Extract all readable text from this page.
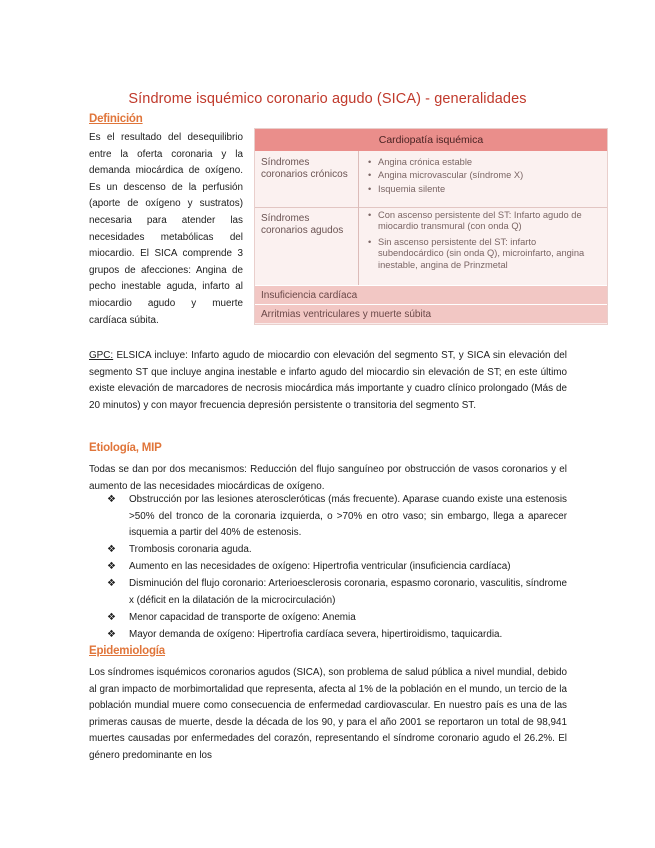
Síndrome isquémico coronario agudo (SICA) - generalidades
Definición
Es el resultado del desequilibrio entre la oferta coronaria y la demanda miocárdica de oxígeno. Es un descenso de la perfusión (aporte de oxígeno y sustratos) necesaria para atender las necesidades metabólicas del miocardio. El SICA comprende 3 grupos de afecciones: Angina de pecho inestable aguda, infarto al miocardio agudo y muerte cardíaca súbita.
Cardiopatía isquémica
Síndromes coronarios crónicos
• Angina crónica estable
• Angina microvascular (síndrome X)
• Isquemia silente
Síndromes coronarios agudos
• Con ascenso persistente del ST: Infarto agudo de miocardio transmural (con onda Q)
• Sin ascenso persistente del ST: infarto subendocárdico (sin onda Q), microinfarto, angina inestable, angina de Prinzmetal
Insuficiencia cardíaca
Arritmias ventriculares y muerte súbita
GPC: ELSICA incluye: Infarto agudo de miocardio con elevación del segmento ST, y SICA sin elevación del segmento ST que incluye angina inestable e infarto agudo del miocardio sin elevación de ST; en este último existe elevación de marcadores de necrosis miocárdica más importante y cuadro clínico prolongado (Más de 20 minutos) y con mayor frecuencia depresión persistente o transitoria del segmento ST.
Etiología, MIP
Todas se dan por dos mecanismos: Reducción del flujo sanguíneo por obstrucción de vasos coronarios y el aumento de las necesidades miocárdicas de oxígeno.
❖ Obstrucción por las lesiones ateroscleróticas (más frecuente). Aparase cuando existe una estenosis >50% del tronco de la coronaria izquierda, o >70% en otro vaso; sin embargo, llega a aparecer isquemia a partir del 40% de estenosis.
❖ Trombosis coronaria aguda.
❖ Aumento en las necesidades de oxígeno: Hipertrofia ventricular (insuficiencia cardíaca)
❖ Disminución del flujo coronario: Arterioesclerosis coronaria, espasmo coronario, vasculitis, síndrome x (déficit en la dilatación de la microcirculación)
❖ Menor capacidad de transporte de oxígeno: Anemia
❖ Mayor demanda de oxígeno: Hipertrofia cardíaca severa, hipertiroidismo, taquicardia.
Epidemiología
Los síndromes isquémicos coronarios agudos (SICA), son problema de salud pública a nivel mundial, debido al gran impacto de morbimortalidad que representa, afecta al 1% de la población en el mundo, un tercio de la población mundial muere como consecuencia de enfermedad cardiovascular. En nuestro país es una de las primeras causas de muerte, desde la década de los 90, y para el año 2001 se reportaron un total de 98,941 muertes causadas por enfermedades del corazón, representando el síndrome coronario agudo el 26.2%. El género predominante en los
